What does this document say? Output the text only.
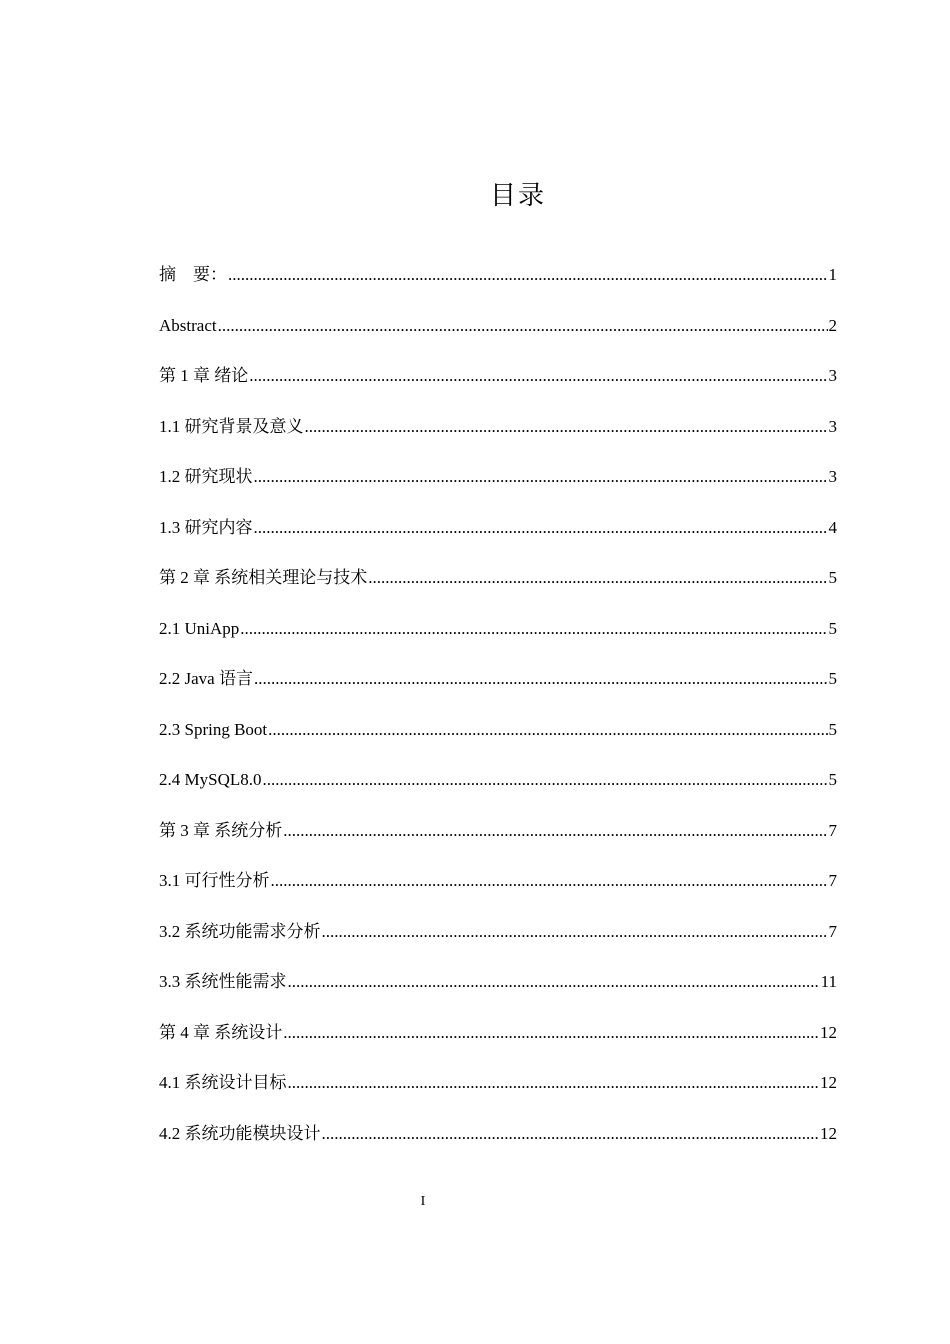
目录
摘　要： .....	1
Abstract .....	2
第 1 章 绪论 .....	3
1.1 研究背景及意义 .....	3
1.2 研究现状 .....	3
1.3 研究内容 .....	4
第 2 章 系统相关理论与技术 .....	5
2.1 UniApp .....	5
2.2 Java 语言 .....	5
2.3 Spring Boot .....	5
2.4 MySQL8.0 .....	5
第 3 章 系统分析 .....	7
3.1 可行性分析 .....	7
3.2 系统功能需求分析 .....	7
3.3 系统性能需求 .....	11
第 4 章 系统设计 .....	12
4.1 系统设计目标 .....	12
4.2 系统功能模块设计 .....	12
I
